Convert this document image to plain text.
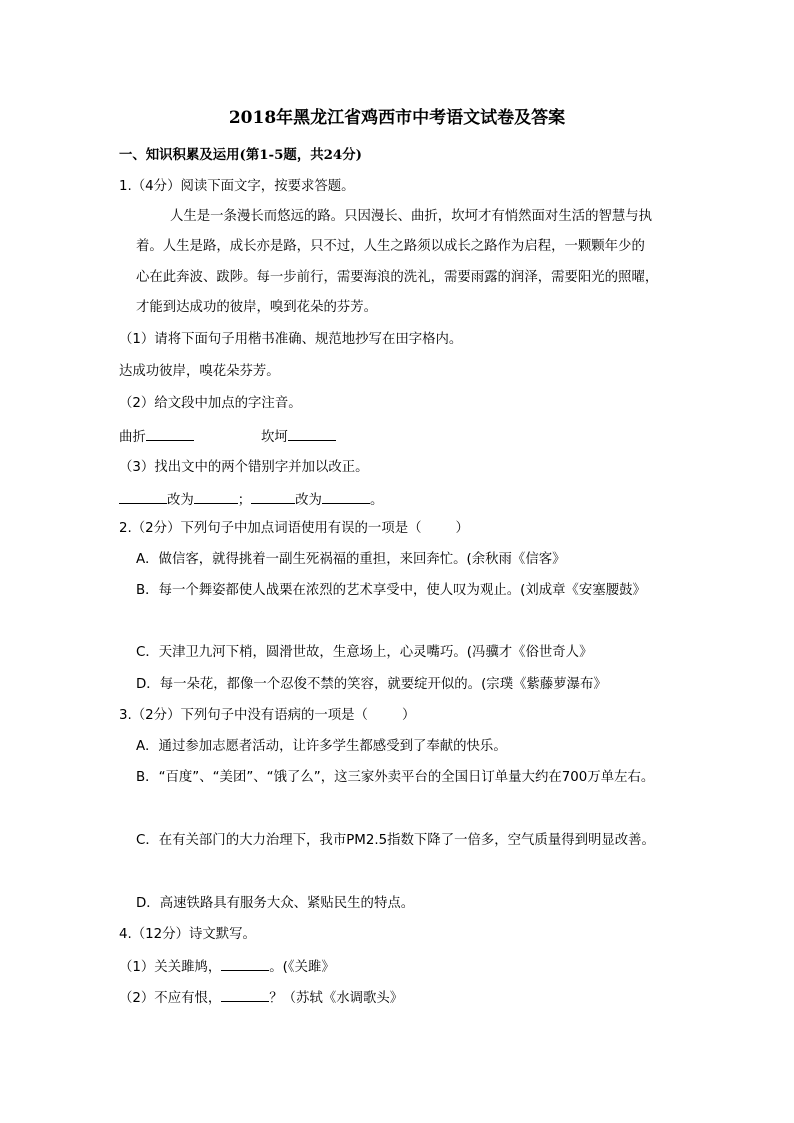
2018年黑龙江省鸡西市中考语文试卷及答案
一、知识积累及运用(第1-5题，共24分)
1.（4分）阅读下面文字，按要求答题。
人生是一条漫长而悠远的路。只因漫长、曲折，坎坷才有悄然面对生活的智慧与执
着。人生是路，成长亦是路，只不过，人生之路须以成长之路作为启程，一颗颗年少的
心在此奔波、跋陟。每一步前行，需要海浪的洗礼，需要雨露的润泽，需要阳光的照曜，
才能到达成功的彼岸，嗅到花朵的芬芳。
（1）请将下面句子用楷书准确、规范地抄写在田字格内。
达成功彼岸，嗅花朵芬芳。
（2）给文段中加点的字注音。
曲折	坎坷
（3）找出文中的两个错别字并加以改正。
改为	；	改为	。
2.（2分）下列句子中加点词语使用有误的一项是（	）
A．做信客，就得挑着一副生死祸福的重担，来回奔忙。(余秋雨《信客》
B．每一个舞姿都使人战栗在浓烈的艺术享受中，使人叹为观止。(刘成章《安塞腰鼓》
C．天津卫九河下梢，圆滑世故，生意场上，心灵嘴巧。(冯骥才《俗世奇人》
D．每一朵花，都像一个忍俊不禁的笑容，就要绽开似的。(宗璞《紫藤萝瀑布》
3.（2分）下列句子中没有语病的一项是（	）
A．通过参加志愿者活动，让许多学生都感受到了奉献的快乐。
B．“百度”、“美团”、“饿了么”，这三家外卖平台的全国日订单量大约在700万单左右。
C．在有关部门的大力治理下，我市PM2.5指数下降了一倍多，空气质量得到明显改善。
D．高速铁路具有服务大众、紧贴民生的特点。
4.（12分）诗文默写。
（1）关关雎鸠，	。(《关雎》
（2）不应有恨，	？（苏轼《水调歌头》
